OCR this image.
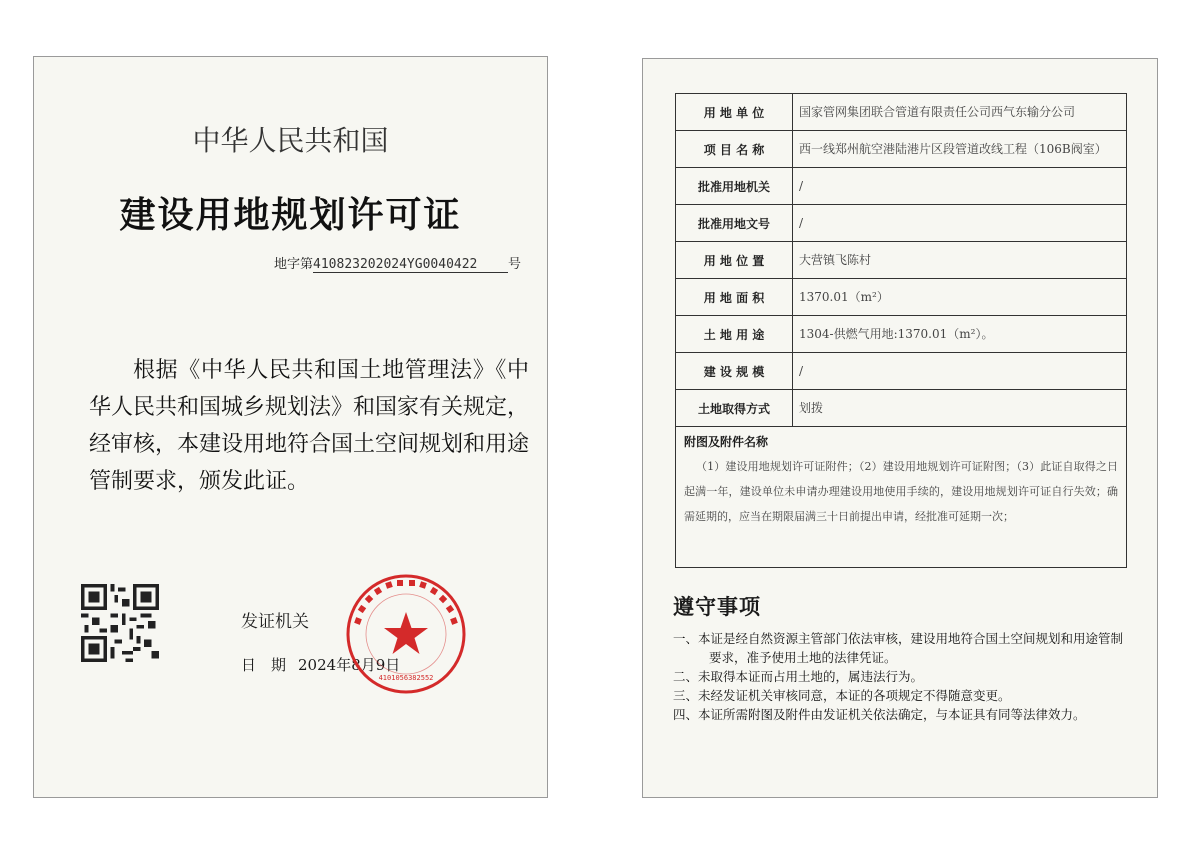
中华人民共和国
建设用地规划许可证
地字第410823202024YG0040422 号
根据《中华人民共和国土地管理法》《中华人民共和国城乡规划法》和国家有关规定，经审核，本建设用地符合国土空间规划和用途管制要求，颁发此证。
发证机关
日　期 2024年8月9日
4101056382552
用 地 单 位	国家管网集团联合管道有限责任公司西气东输分公司
项 目 名 称	西一线郑州航空港陆港片区段管道改线工程（106B阀室）
批准用地机关	/
批准用地文号	/
用 地 位 置	大营镇飞陈村
用 地 面 积	1370.01（m²）
土 地 用 途	1304-供燃气用地:1370.01（m²）。
建 设 规 模	/
土地取得方式	划拨

附图及附件名称
（1）建设用地规划许可证附件；（2）建设用地规划许可证附图；（3）此证自取得之日起满一年，建设单位未申请办理建设用地使用手续的，建设用地规划许可证自行失效；确需延期的，应当在期限届满三十日前提出申请，经批准可延期一次；	
遵守事项
一、本证是经自然资源主管部门依法审核，建设用地符合国土空间规划和用途管制要求，准予使用土地的法律凭证。
二、未取得本证而占用土地的，属违法行为。
三、未经发证机关审核同意，本证的各项规定不得随意变更。
四、本证所需附图及附件由发证机关依法确定，与本证具有同等法律效力。
